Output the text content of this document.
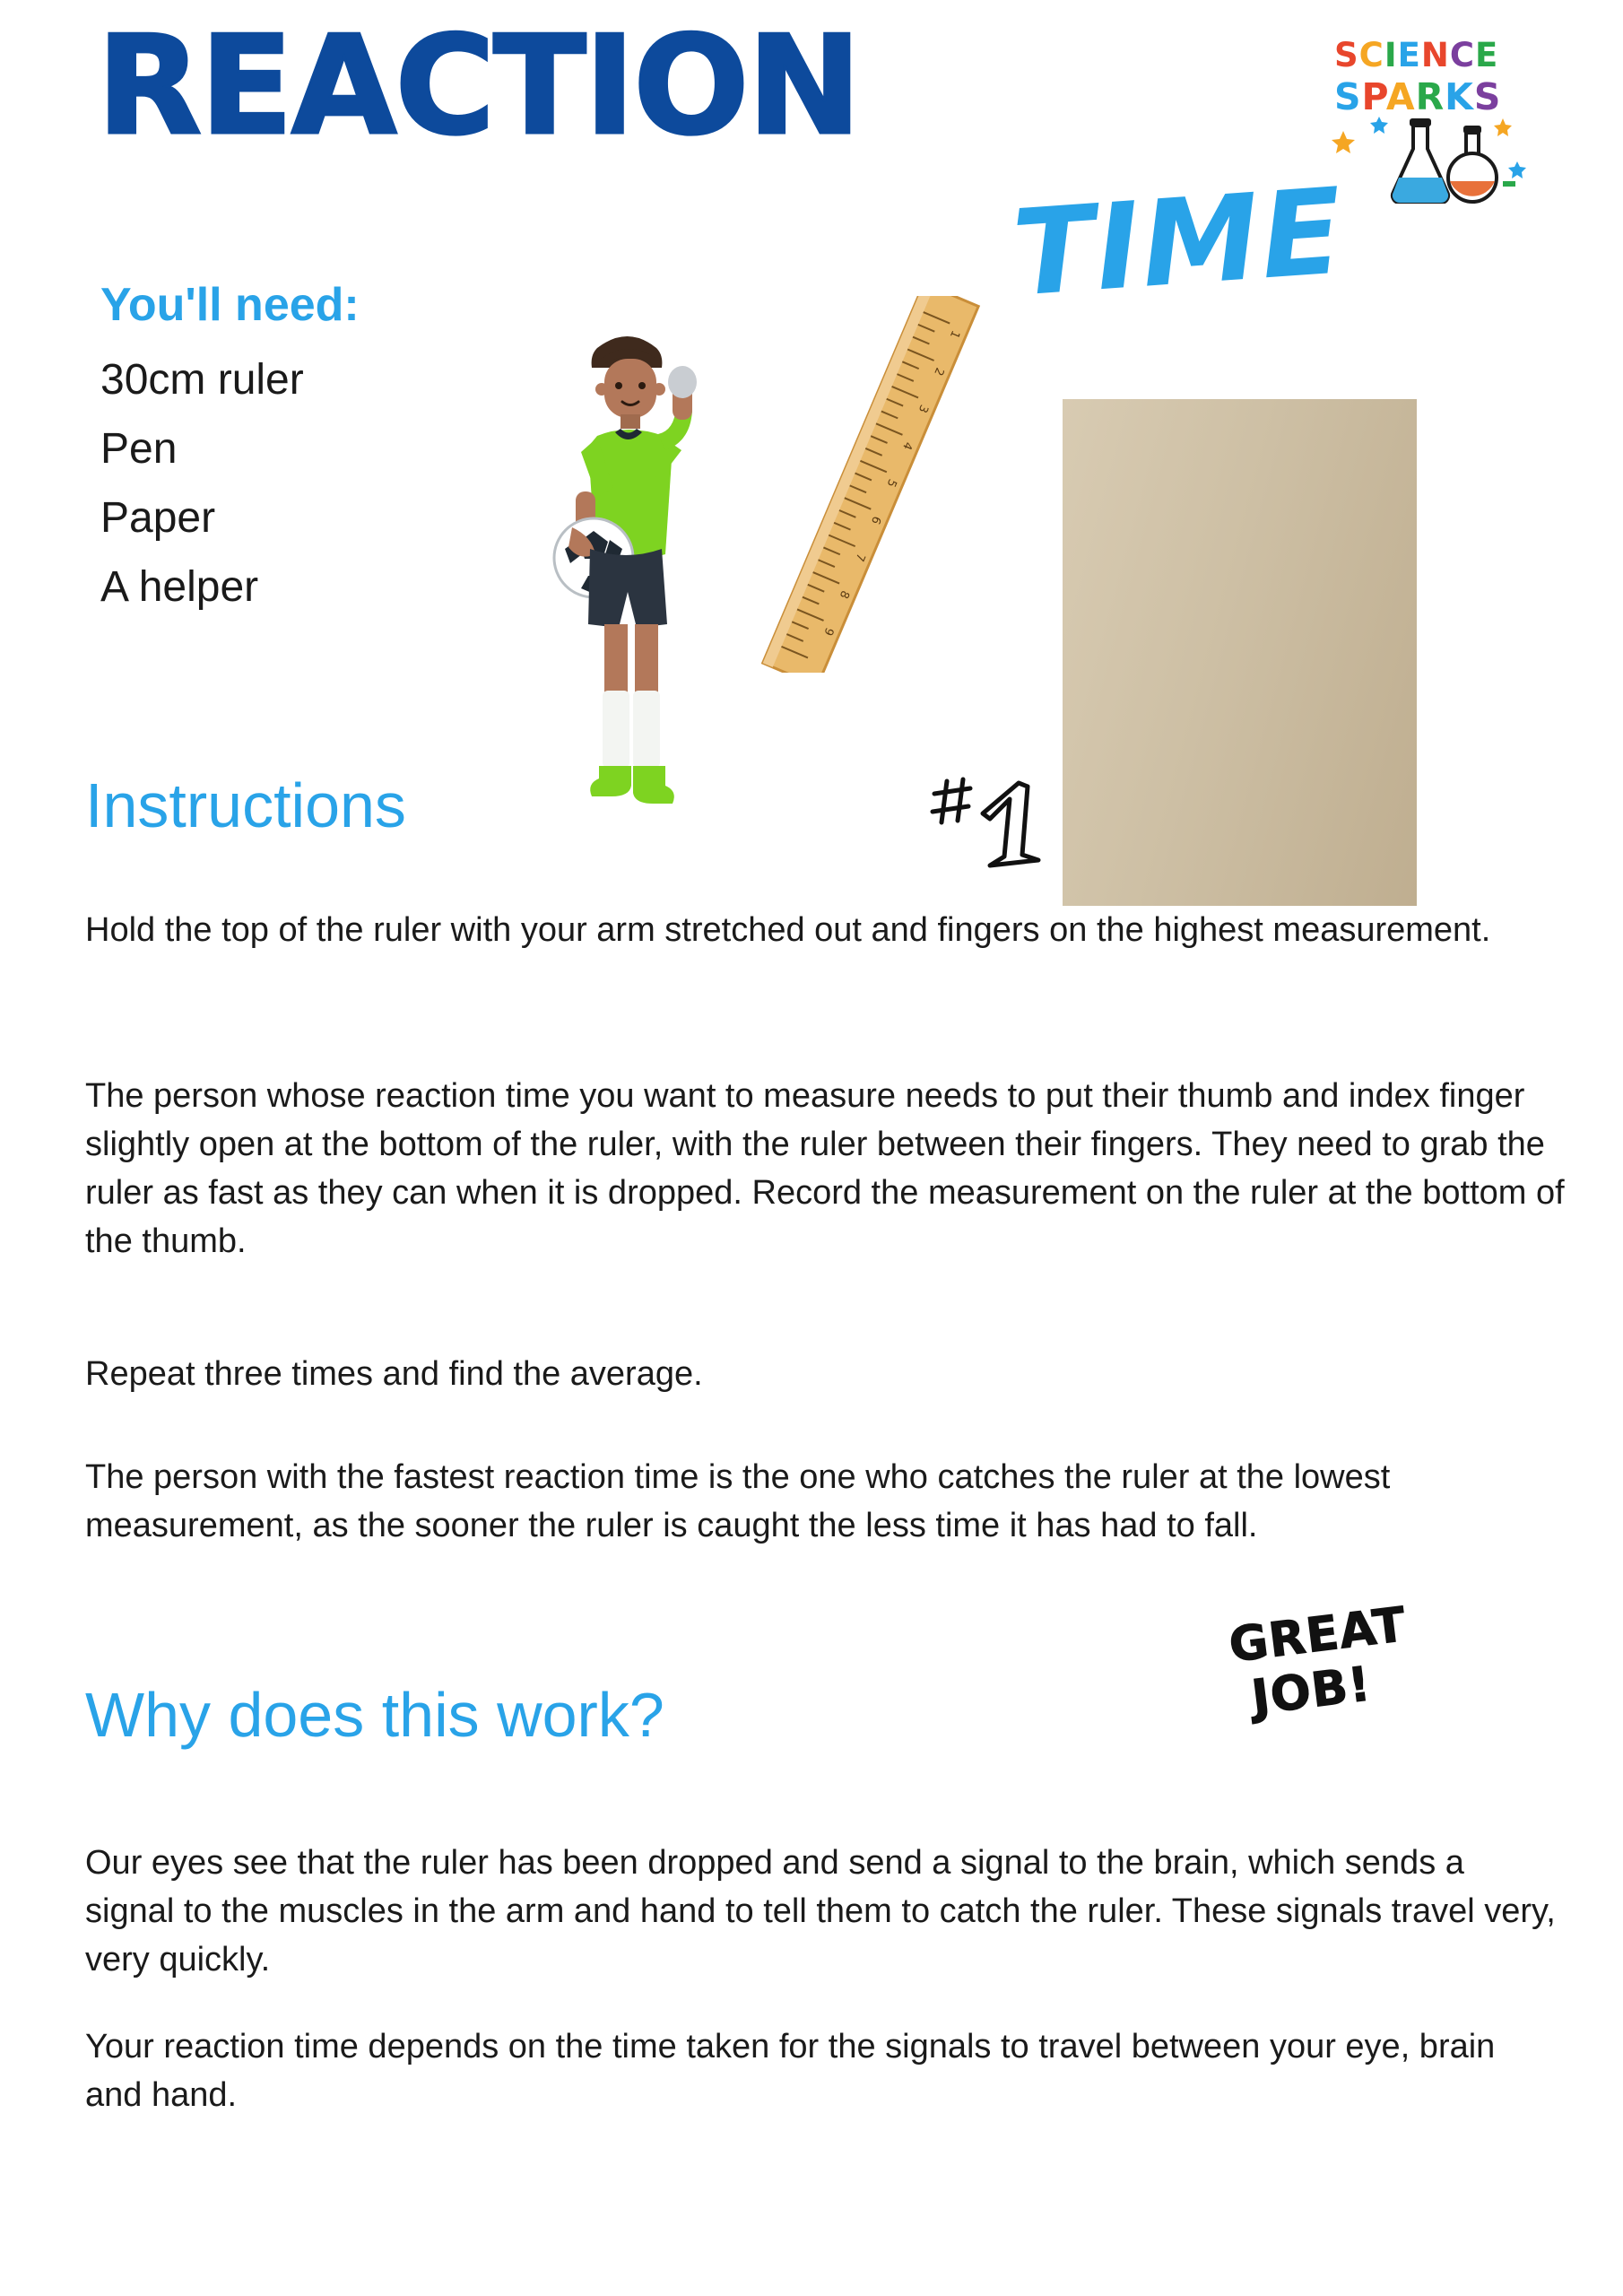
REACTION
TIME
SCIENCE
SPARKS
You'll need:
30cm ruler
Pen
Paper
A helper
1
2
3
4
5
6
7
8
9
Instructions
Hold the top of the ruler with your arm stretched out and fingers on the highest measurement.
The person whose reaction time you want to measure needs to put their thumb and index finger slightly open at the bottom of the ruler, with the ruler between their fingers. They need to grab the ruler as fast as they can when it is dropped. Record the measurement on the ruler at the bottom of the thumb.
Repeat three times and find the average.
The person with the fastest reaction time is the one who catches the ruler at the lowest measurement, as the sooner the ruler is caught the less time it has had to fall.
GREAT
JOB!
Why does this work?
Our eyes see that the ruler has been dropped and send a signal to the brain, which sends a signal to the muscles in the arm and hand to tell them to catch the ruler. These signals travel very, very quickly.
Your reaction time depends on the time taken for the signals to travel between your eye, brain and hand.
